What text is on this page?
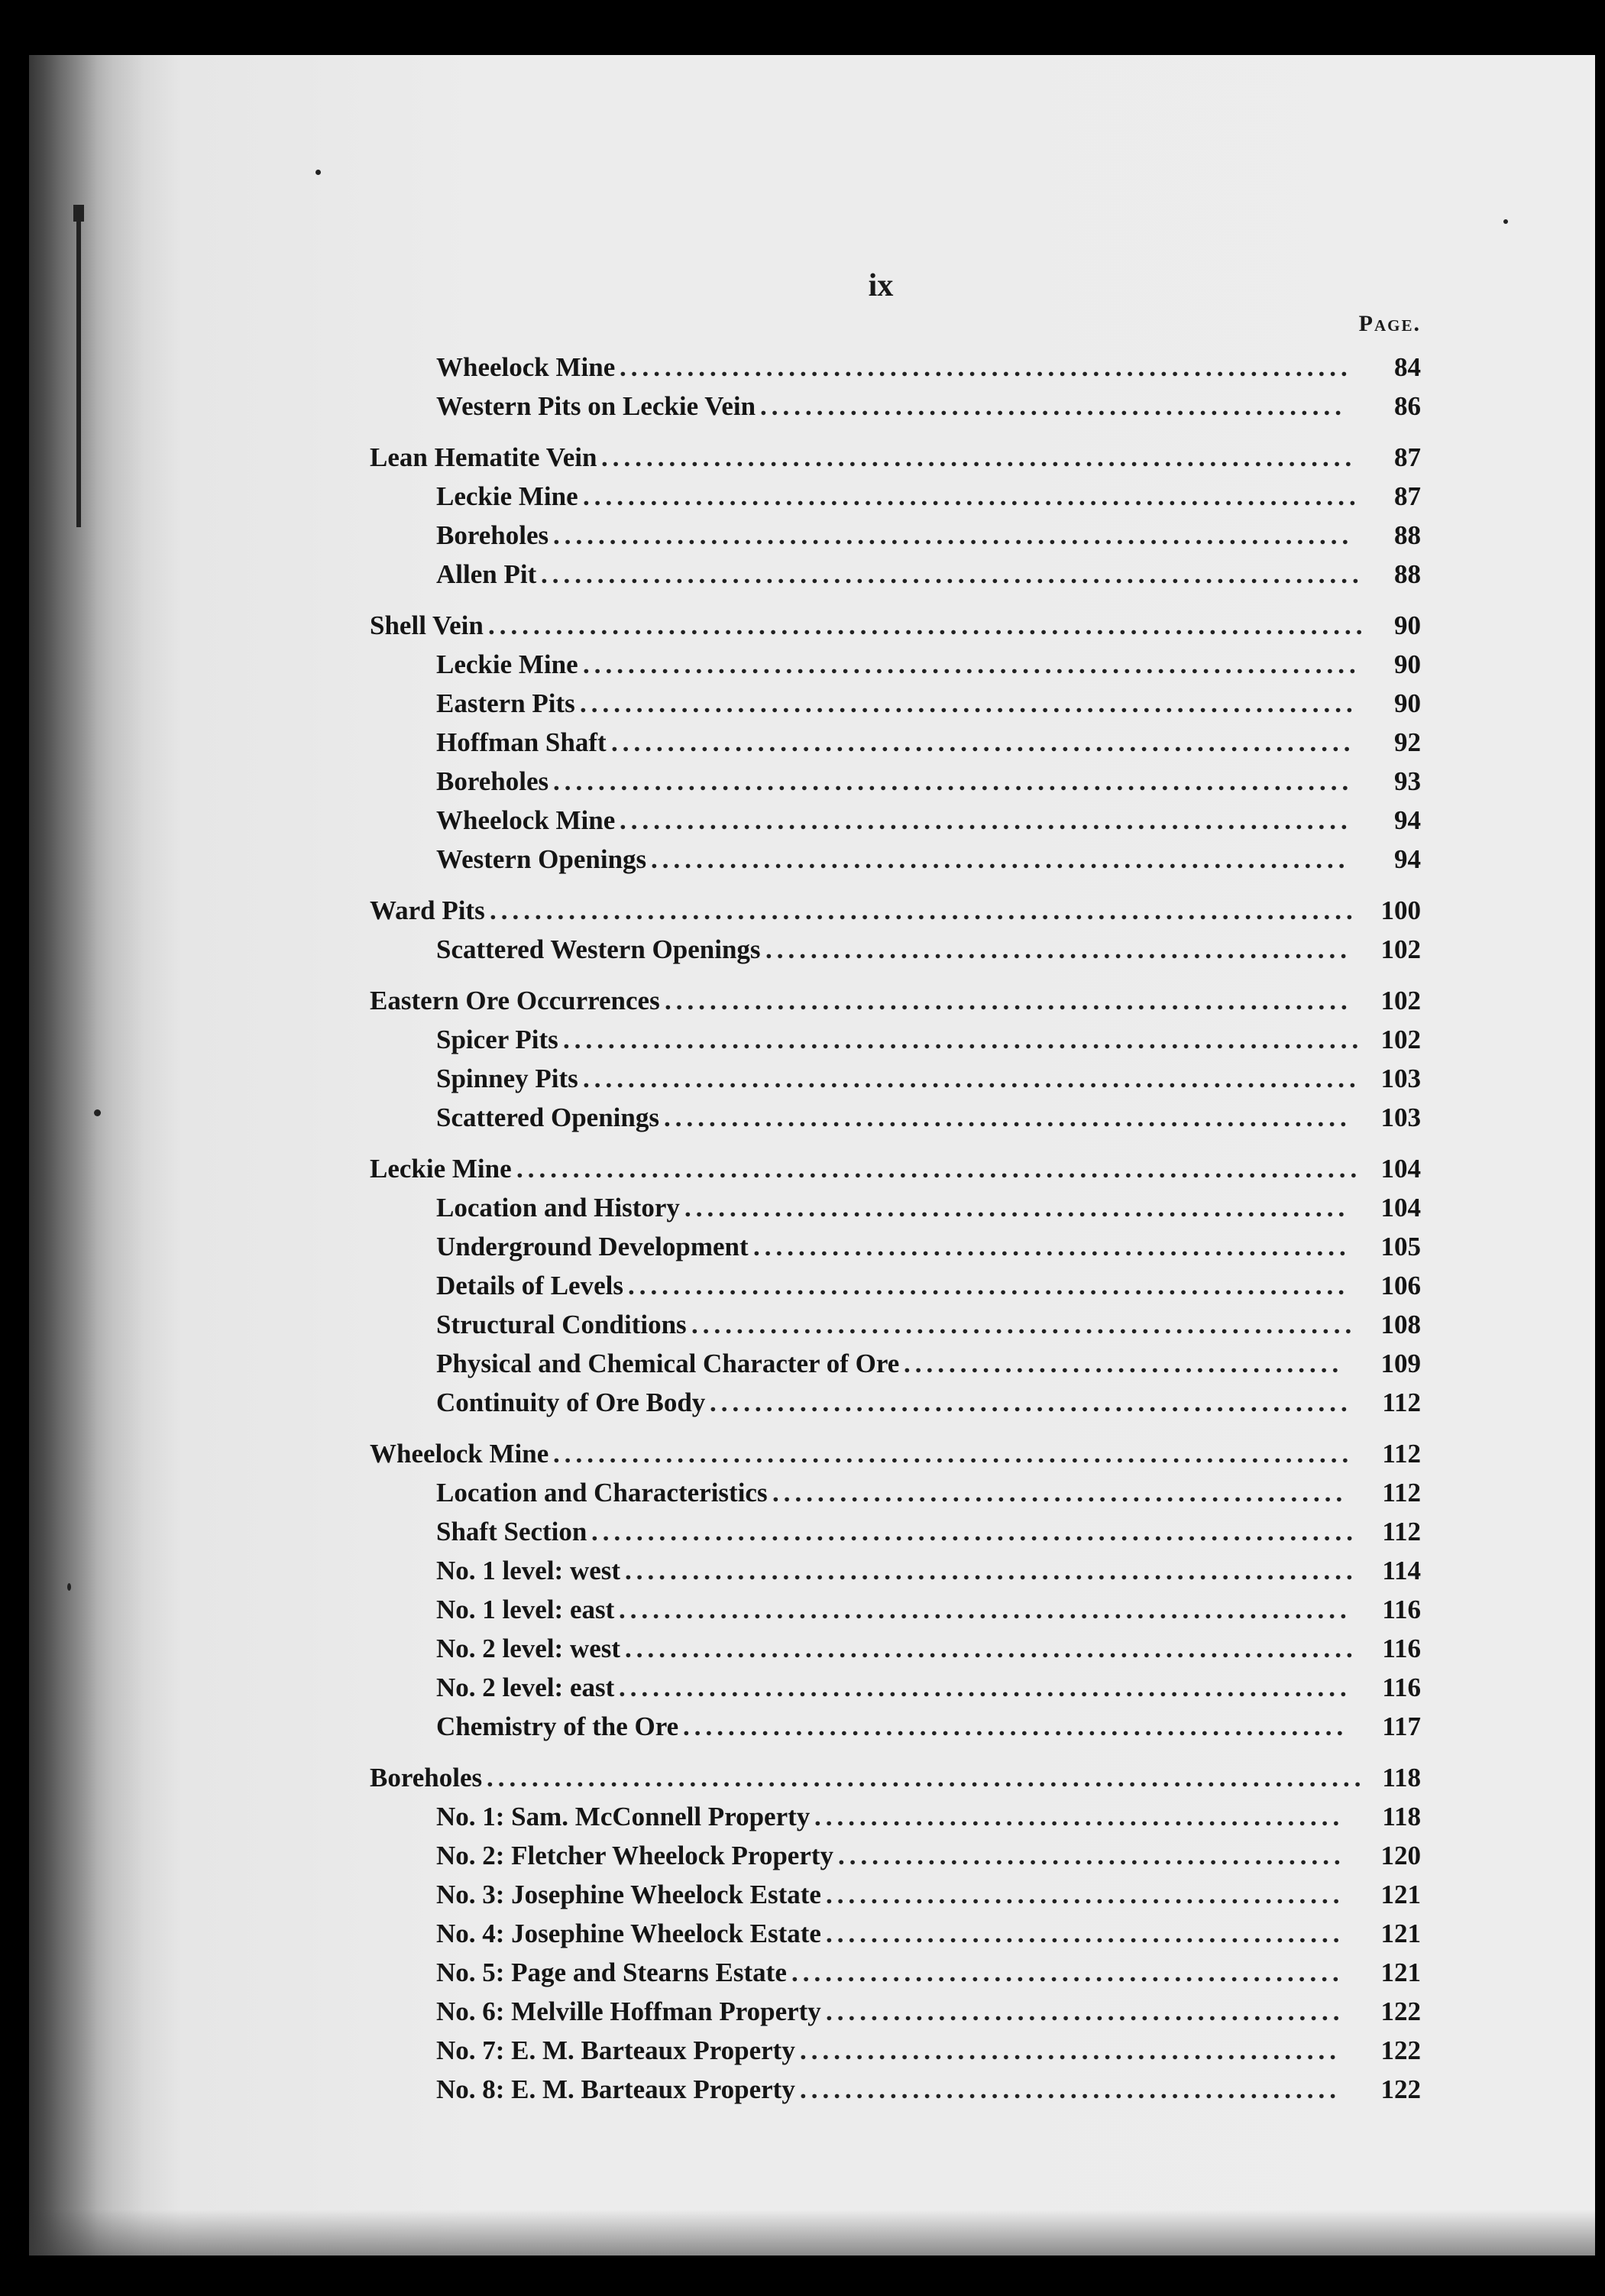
ix
Page.
Wheelock Mine .................................................................	84
Western Pits on Leckie Vein ....................................................	86
Lean Hematite Vein ...................................................................	87
Leckie Mine .....................................................................	87
Boreholes .......................................................................	88
Allen Pit .........................................................................	88
Shell Vein ..............................................................................	90
Leckie Mine .....................................................................	90
Eastern Pits .....................................................................	90
Hoffman Shaft ..................................................................	92
Boreholes .......................................................................	93
Wheelock Mine .................................................................	94
Western Openings ..............................................................	94
Ward Pits ............................................................................. 100
Scattered Western Openings ....................................................	102
Eastern Ore Occurrences .............................................................	102
Spicer Pits ....................................................................... 102
Spinney Pits ..................................................................... 103
Scattered Openings .............................................................	103
Leckie Mine ........................................................................... 104
Location and History ...........................................................	104
Underground Development .....................................................	105
Details of Levels ................................................................	106
Structural Conditions ........................................................... 108
Physical and Chemical Character of Ore .......................................	109
Continuity of Ore Body .........................................................	112
Wheelock Mine .......................................................................	112
Location and Characteristics ...................................................	112
Shaft Section .................................................................... 112
No. 1 level: west ................................................................. 114
No. 1 level: east .................................................................	116
No. 2 level: west ................................................................. 116
No. 2 level: east .................................................................	116
Chemistry of the Ore ...........................................................	117
Boreholes .............................................................................. 118
No. 1: Sam. McConnell Property ...............................................	118
No. 2: Fletcher Wheelock Property .............................................	120
No. 3: Josephine Wheelock Estate ..............................................	121
No. 4: Josephine Wheelock Estate ..............................................	121
No. 5: Page and Stearns Estate .................................................	121
No. 6: Melville Hoffman Property ..............................................	122
No. 7: E. M. Barteaux Property ................................................	122
No. 8: E. M. Barteaux Property ................................................	122
